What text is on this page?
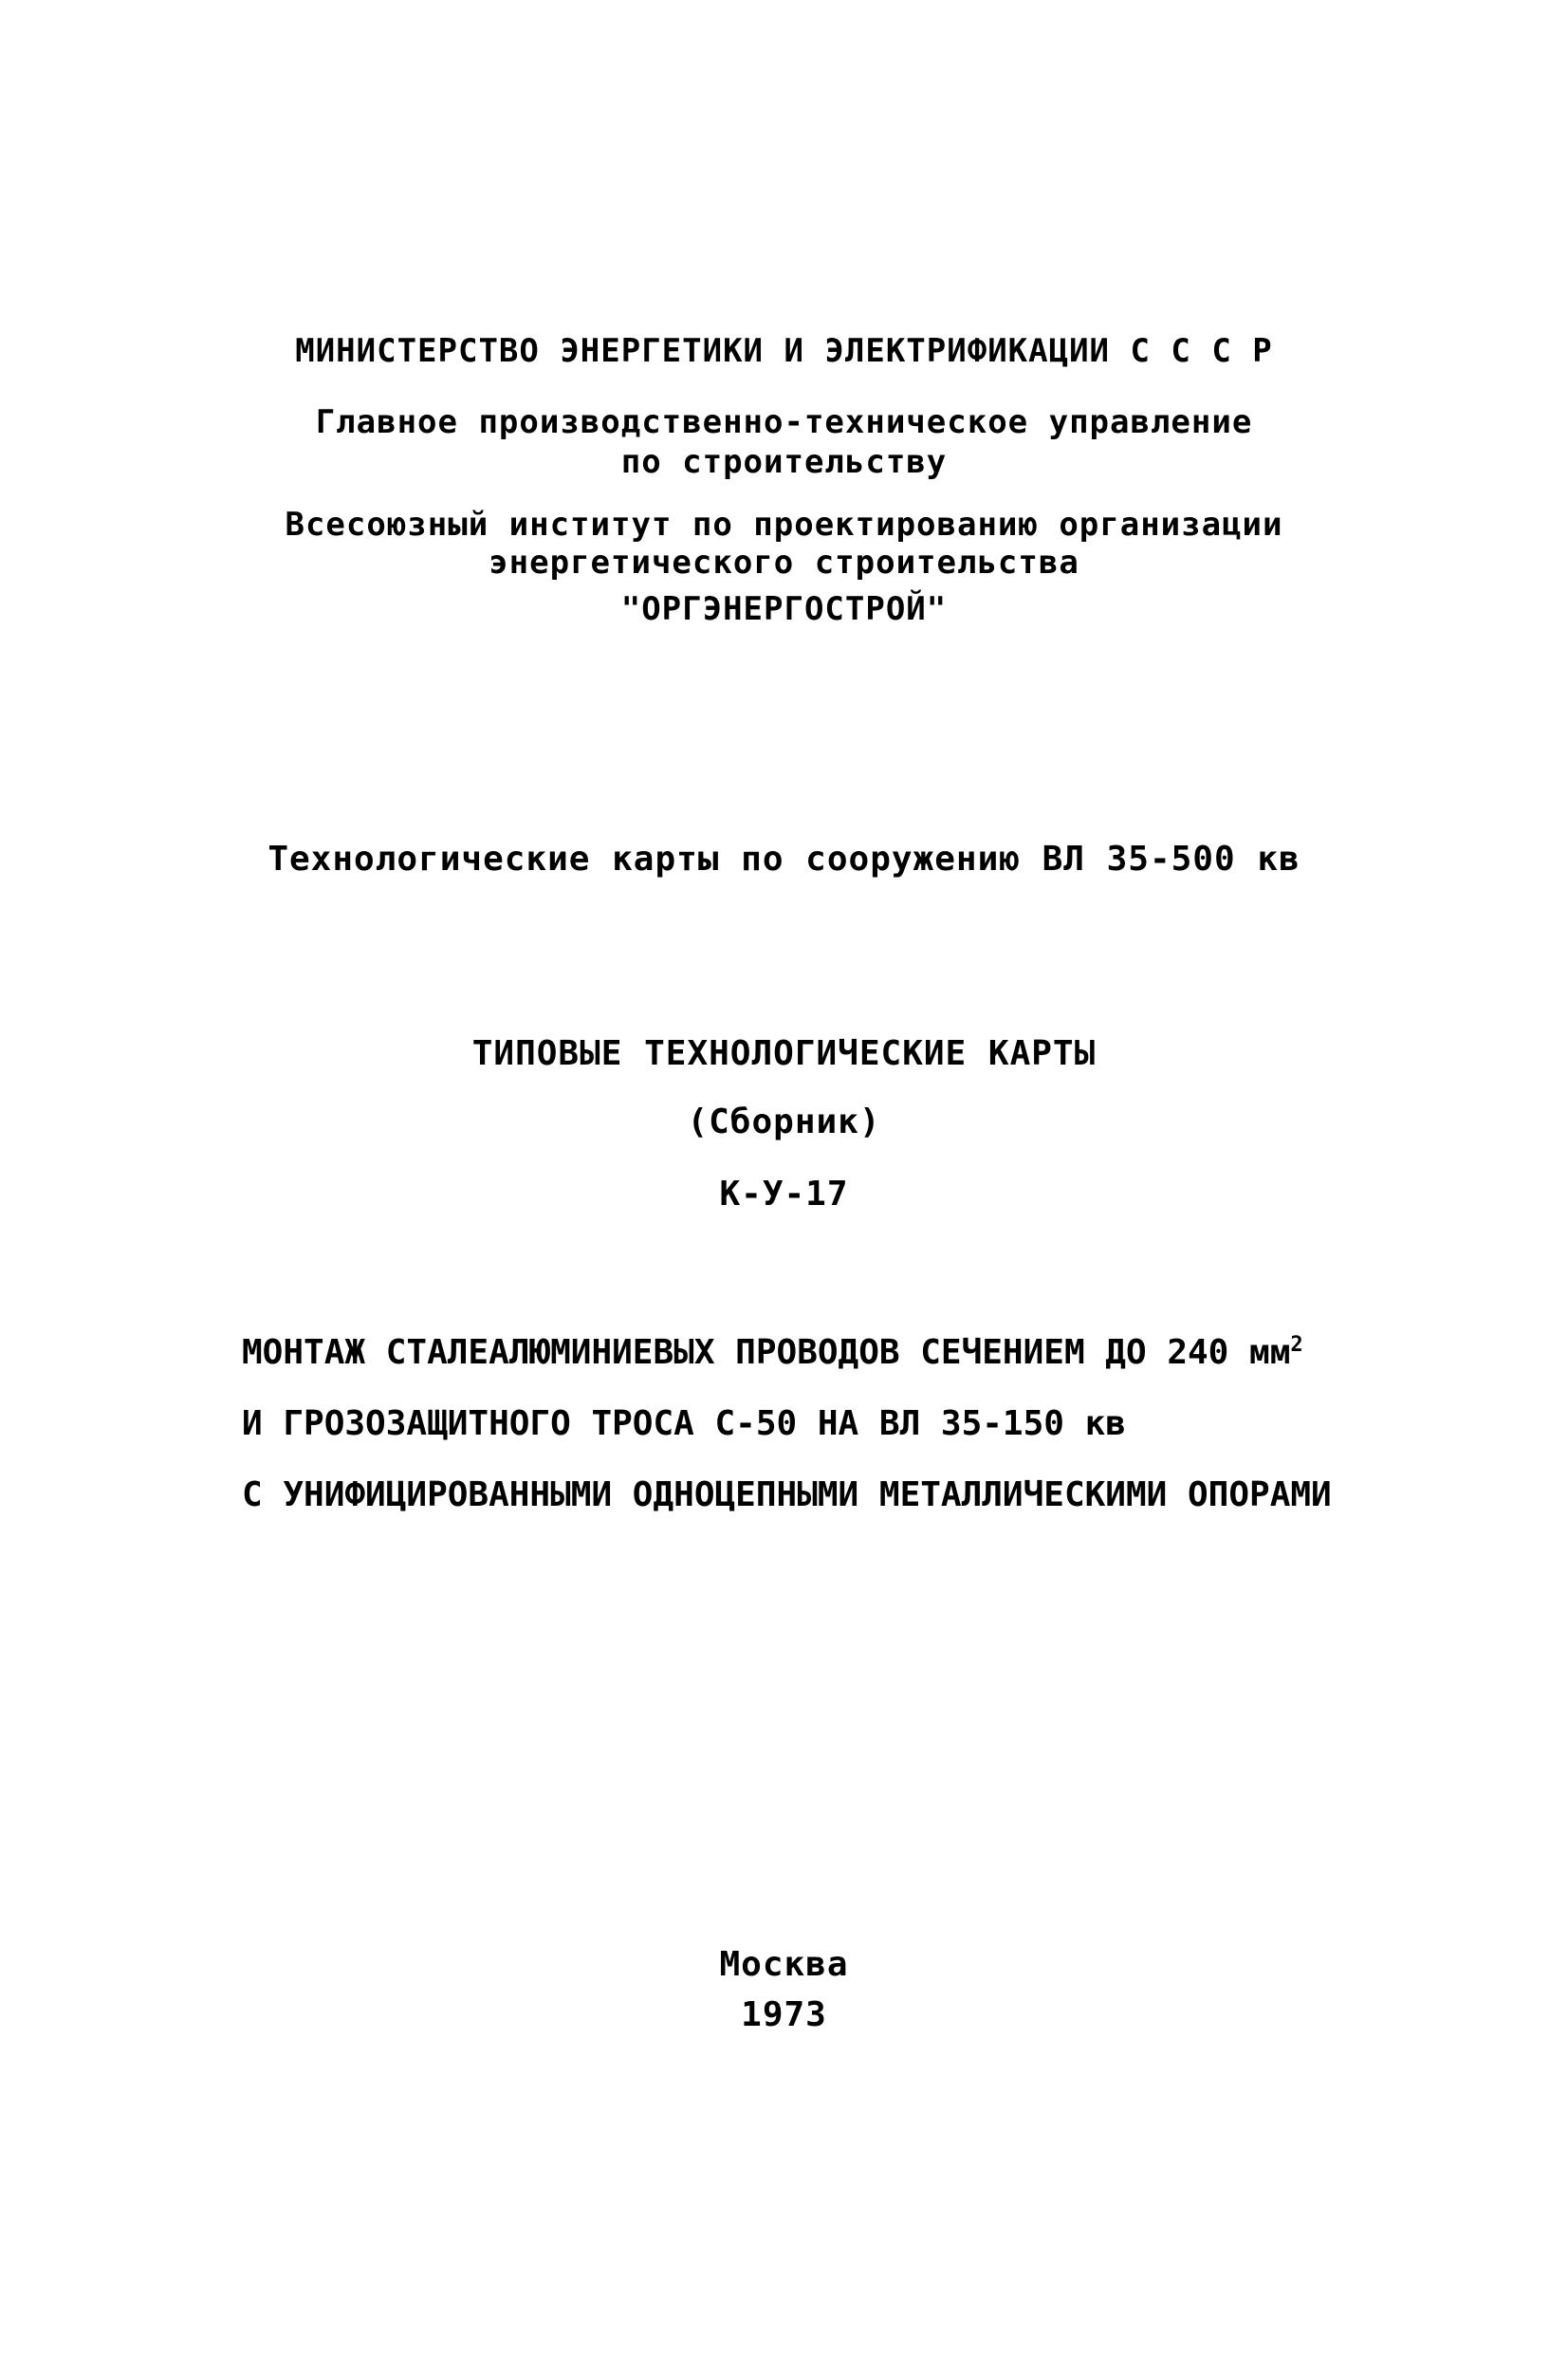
МИНИСТЕРСТВО ЭНЕРГЕТИКИ И ЭЛЕКТРИФИКАЦИИ С С С Р
Главное производственно-техническое управление
по строительству
Всесоюзный институт по проектированию организации
энергетического строительства
"ОРГЭНЕРГОСТРОЙ"
Технологические карты по сооружению ВЛ 35-500 кв
ТИПОВЫЕ ТЕХНОЛОГИЧЕСКИЕ КАРТЫ
(Сборник)
К-У-17
МОНТАЖ СТАЛЕАЛЮМИНИЕВЫХ ПРОВОДОВ СЕЧЕНИЕМ ДО 240 $мм^2$
И ГРОЗОЗАЩИТНОГО ТРОСА С-50 НА ВЛ 35-150 кв
С УНИФИЦИРОВАННЫМИ ОДНОЦЕПНЫМИ МЕТАЛЛИЧЕСКИМИ ОПОРАМИ
Москва
1973
